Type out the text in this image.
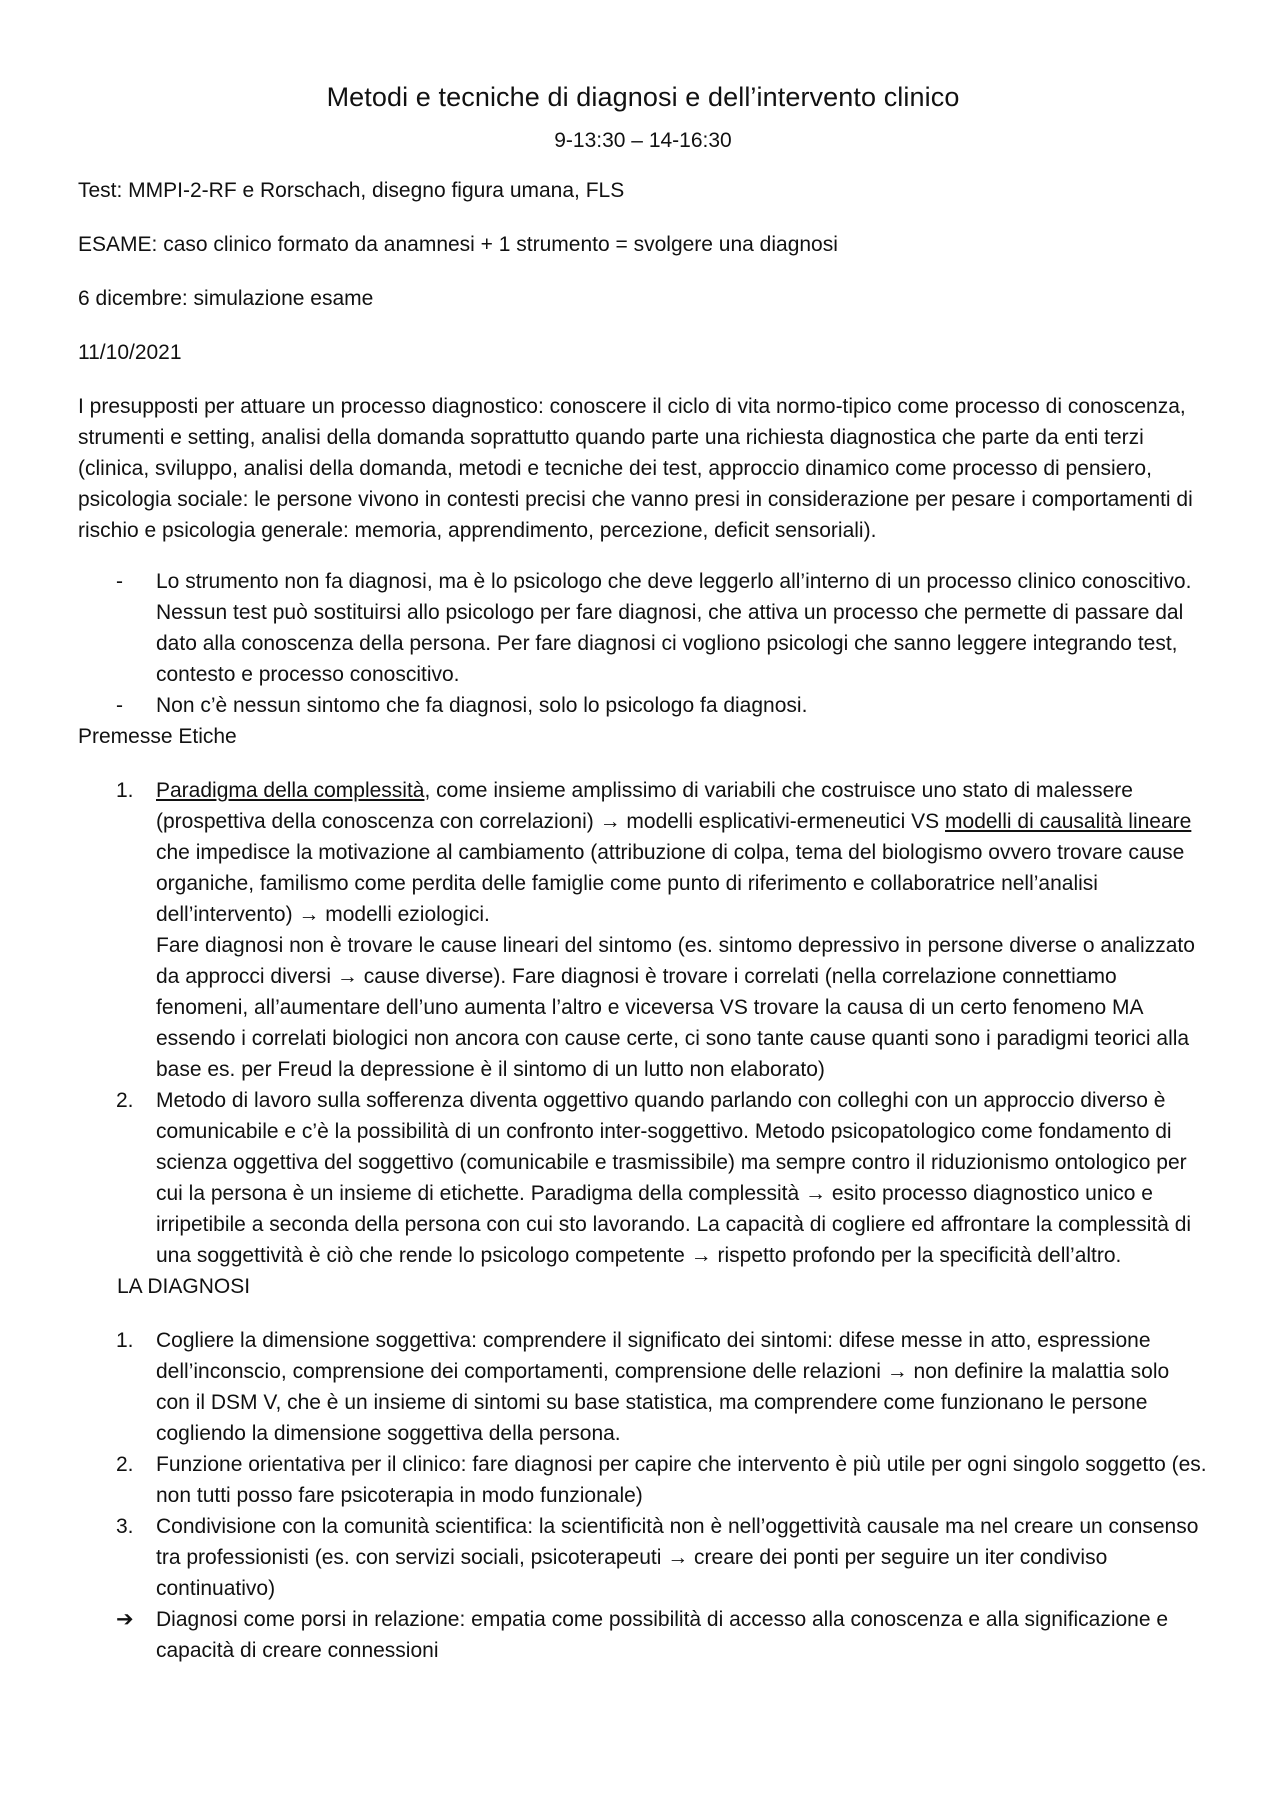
Metodi e tecniche di diagnosi e dell’intervento clinico
9-13:30 – 14-16:30

Test: MMPI-2-RF e Rorschach, disegno figura umana, FLS

ESAME: caso clinico formato da anamnesi + 1 strumento = svolgere una diagnosi

6 dicembre: simulazione esame

11/10/2021

I presupposti per attuare un processo diagnostico: conoscere il ciclo di vita normo-tipico come processo di conoscenza, strumenti e setting, analisi della domanda soprattutto quando parte una richiesta diagnostica che parte da enti terzi (clinica, sviluppo, analisi della domanda, metodi e tecniche dei test, approccio dinamico come processo di pensiero, psicologia sociale: le persone vivono in contesti precisi che vanno presi in considerazione per pesare i comportamenti di rischio e psicologia generale: memoria, apprendimento, percezione, deficit sensoriali).

- Lo strumento non fa diagnosi, ma è lo psicologo che deve leggerlo all’interno di un processo clinico conoscitivo. Nessun test può sostituirsi allo psicologo per fare diagnosi, che attiva un processo che permette di passare dal dato alla conoscenza della persona. Per fare diagnosi ci vogliono psicologi che sanno leggere integrando test, contesto e processo conoscitivo.
- Non c’è nessun sintomo che fa diagnosi, solo lo psicologo fa diagnosi.

Premesse Etiche

1. Paradigma della complessità, come insieme amplissimo di variabili che costruisce uno stato di malessere (prospettiva della conoscenza con correlazioni) → modelli esplicativi-ermeneutici VS modelli di causalità lineare che impedisce la motivazione al cambiamento (attribuzione di colpa, tema del biologismo ovvero trovare cause organiche, familismo come perdita delle famiglie come punto di riferimento e collaboratrice nell’analisi dell’intervento) → modelli eziologici.
Fare diagnosi non è trovare le cause lineari del sintomo (es. sintomo depressivo in persone diverse o analizzato da approcci diversi → cause diverse). Fare diagnosi è trovare i correlati (nella correlazione connettiamo fenomeni, all’aumentare dell’uno aumenta l’altro e viceversa VS trovare la causa di un certo fenomeno MA essendo i correlati biologici non ancora con cause certe, ci sono tante cause quanti sono i paradigmi teorici alla base es. per Freud la depressione è il sintomo di un lutto non elaborato)
2. Metodo di lavoro sulla sofferenza diventa oggettivo quando parlando con colleghi con un approccio diverso è comunicabile e c’è la possibilità di un confronto inter-soggettivo. Metodo psicopatologico come fondamento di scienza oggettiva del soggettivo (comunicabile e trasmissibile) ma sempre contro il riduzionismo ontologico per cui la persona è un insieme di etichette. Paradigma della complessità → esito processo diagnostico unico e irripetibile a seconda della persona con cui sto lavorando. La capacità di cogliere ed affrontare la complessità di una soggettività è ciò che rende lo psicologo competente → rispetto profondo per la specificità dell’altro.

LA DIAGNOSI

1. Cogliere la dimensione soggettiva: comprendere il significato dei sintomi: difese messe in atto, espressione dell’inconscio, comprensione dei comportamenti, comprensione delle relazioni → non definire la malattia solo con il DSM V, che è un insieme di sintomi su base statistica, ma comprendere come funzionano le persone cogliendo la dimensione soggettiva della persona.
2. Funzione orientativa per il clinico: fare diagnosi per capire che intervento è più utile per ogni singolo soggetto (es. non tutti posso fare psicoterapia in modo funzionale)
3. Condivisione con la comunità scientifica: la scientificità non è nell’oggettività causale ma nel creare un consenso tra professionisti (es. con servizi sociali, psicoterapeuti → creare dei ponti per seguire un iter condiviso continuativo)
➔ Diagnosi come porsi in relazione: empatia come possibilità di accesso alla conoscenza e alla significazione e capacità di creare connessioni
